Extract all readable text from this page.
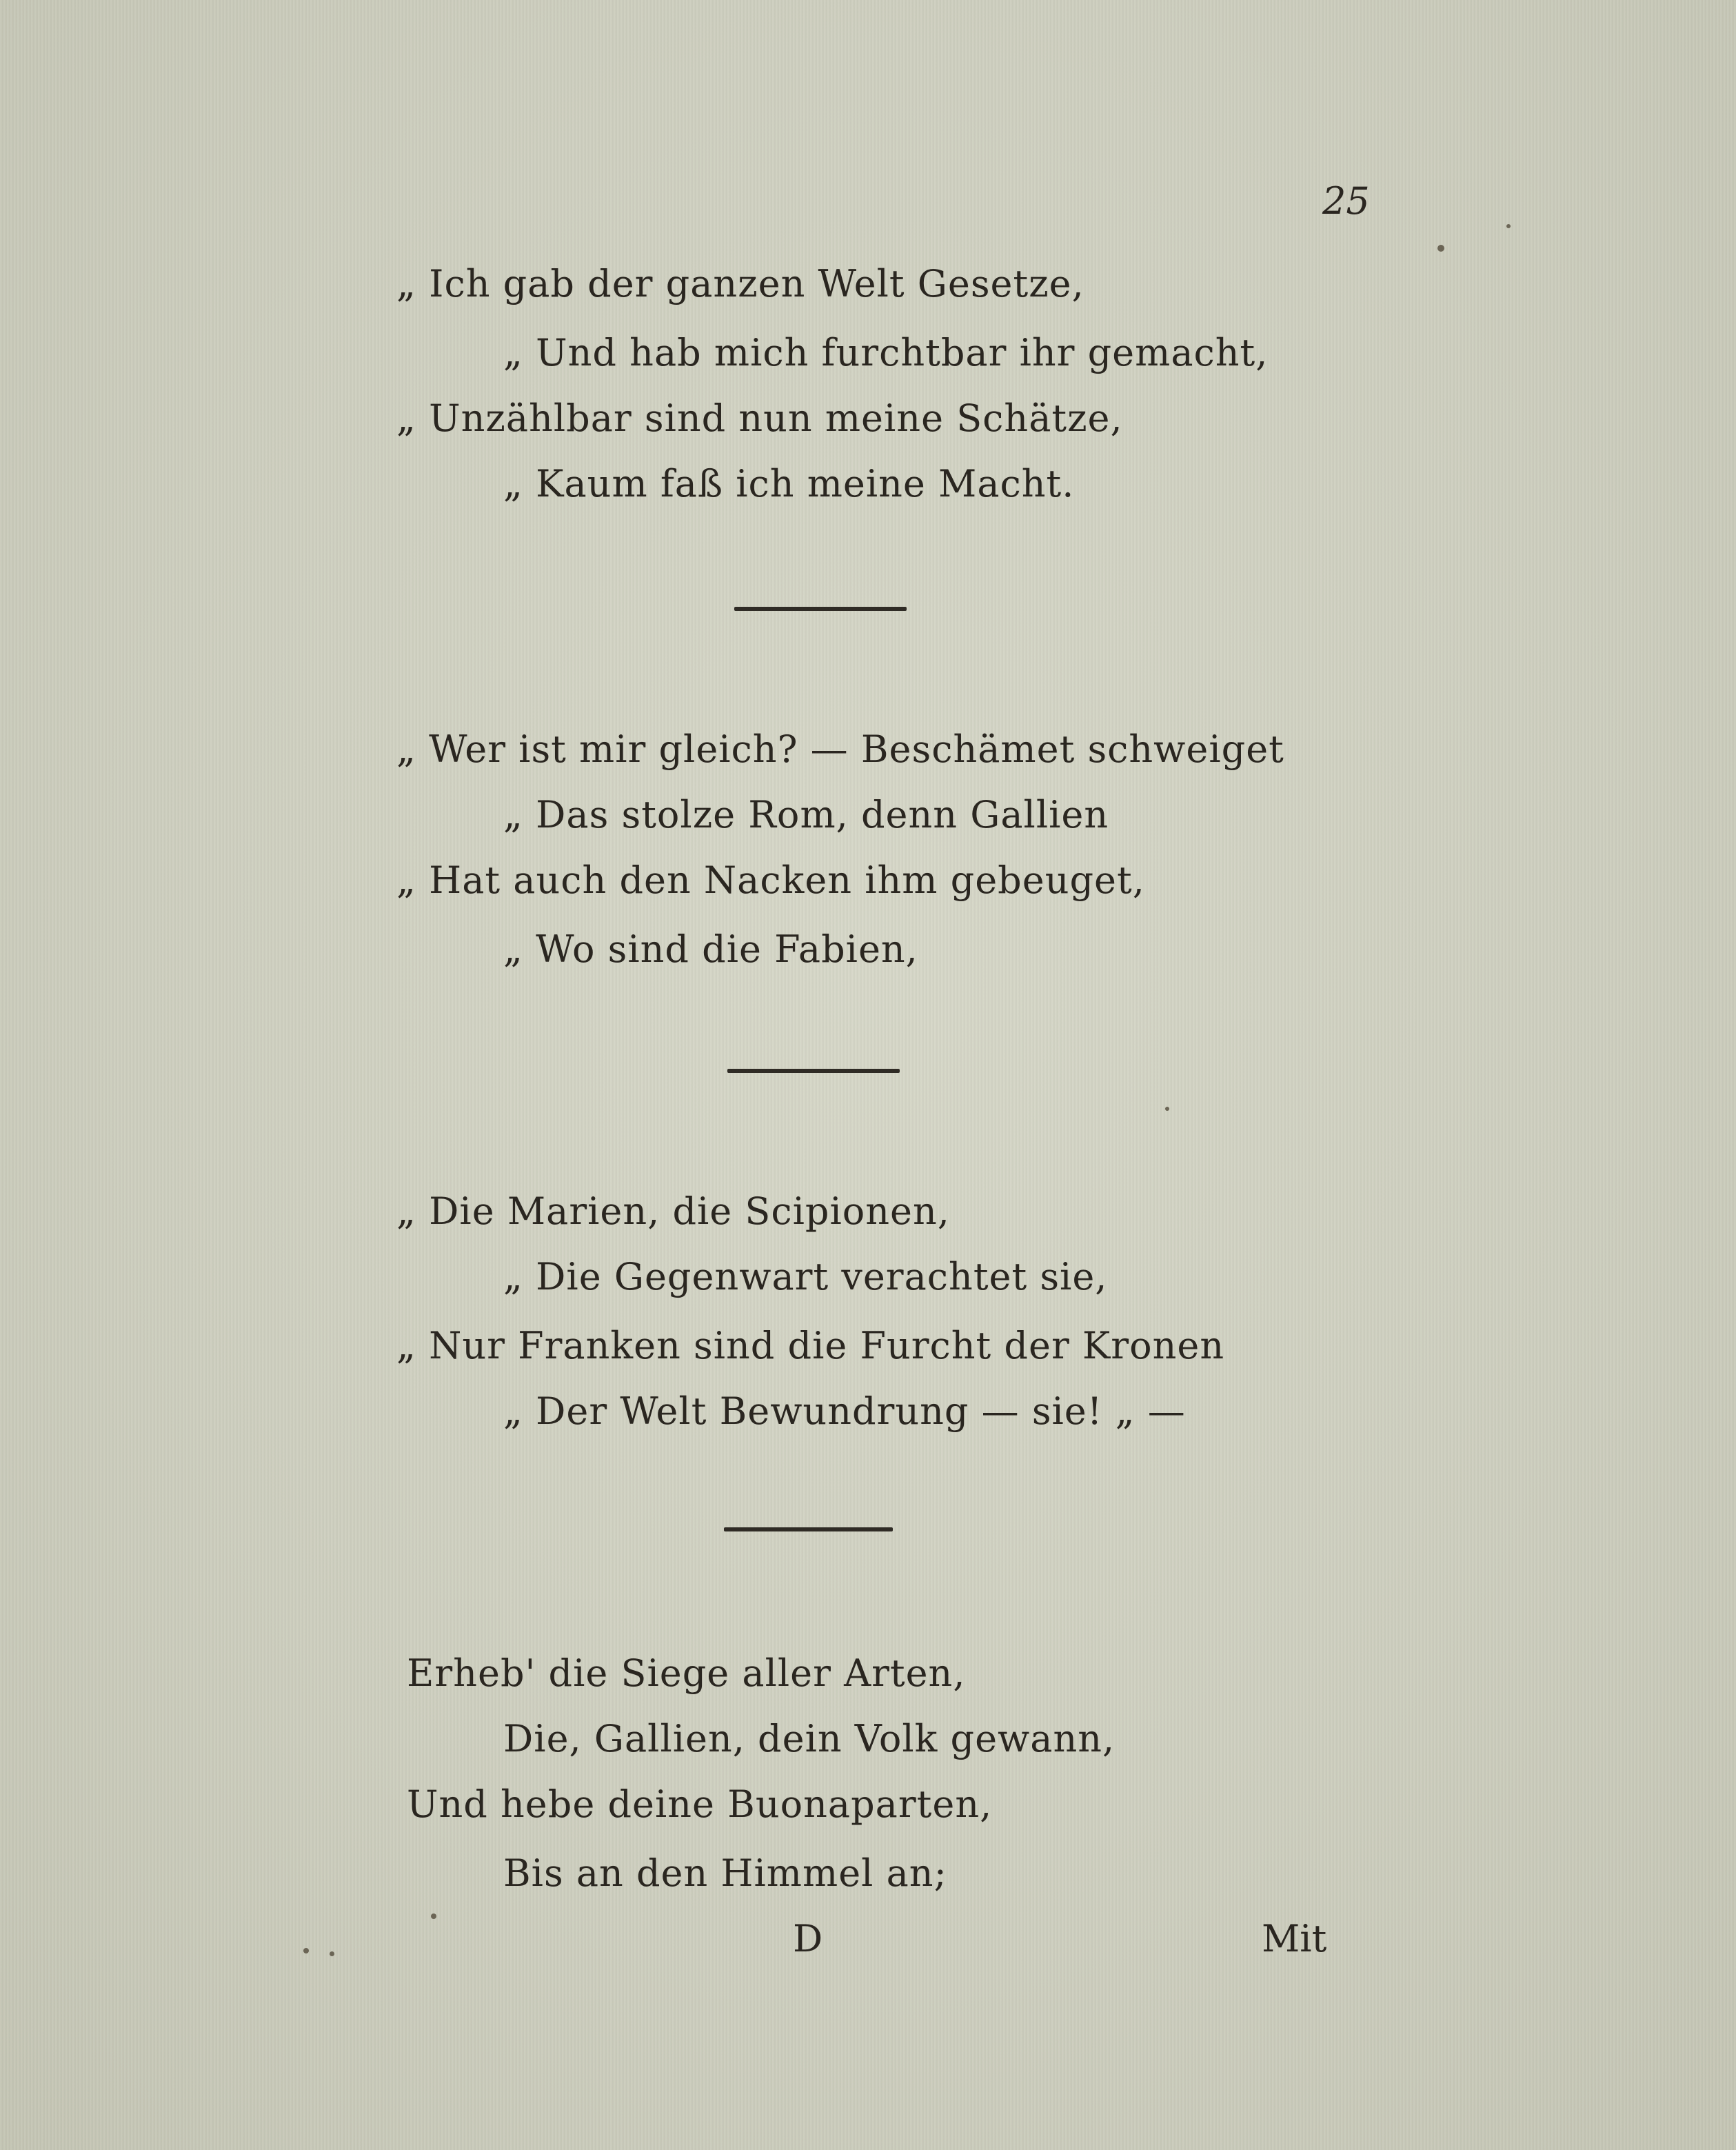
25
„ Ich gab der ganzen Welt Gesetze,
„ Und hab mich furchtbar ihr gemacht,
„ Unzählbar sind nun meine Schätze,
„ Kaum faß ich meine Macht.
„ Wer ist mir gleich? — Beschämet schweiget
„ Das stolze Rom, denn Gallien
„ Hat auch den Nacken ihm gebeuget,
„ Wo sind die Fabien,
„ Die Marien, die Scipionen,
„ Die Gegenwart verachtet sie,
„ Nur Franken sind die Furcht der Kronen
„ Der Welt Bewundrung — sie! „ —
Erheb' die Siege aller Arten,
Die, Gallien, dein Volk gewann,
Und hebe deine Buonaparten,
Bis an den Himmel an;
D	Mit
